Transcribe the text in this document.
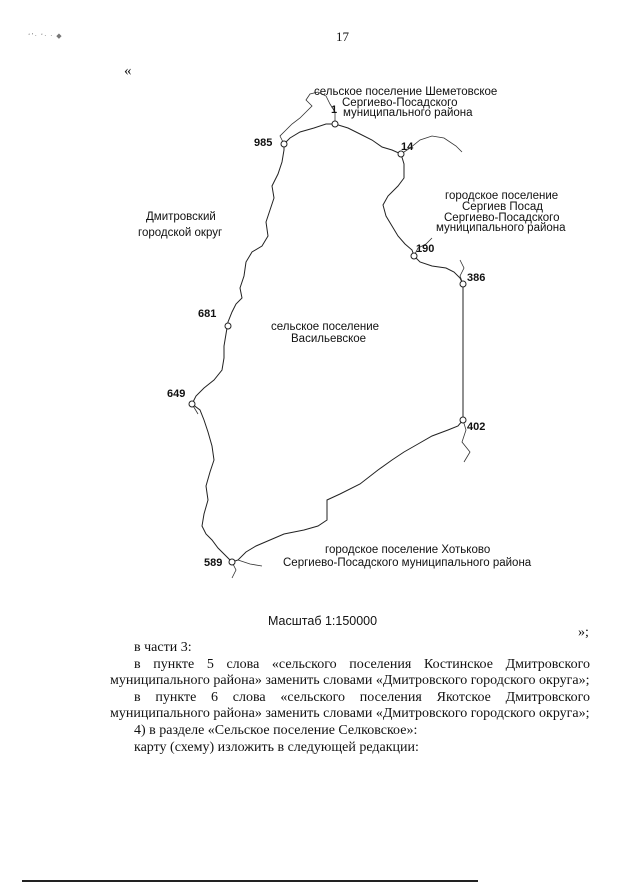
‘’· ‘· · ◆	17
«
1
985	14
190
386
681
649
402
589
сельское поселение Шеметовское
Сергиево-Посадского
муниципального района
Дмитровский
городской округ
городское поселение
Сергиев Посад
Сергиево-Посадского
муниципального района
сельское поселение
Васильевское
городское поселение Хотьково
Сергиево-Посадского муниципального района
Масштаб 1:150000
»;

в части 3:

в пункте 5 слова «сельского поселения Костинское Дмитровского муниципального района» заменить словами «Дмитровского городского округа»;

в пункте 6 слова «сельского поселения Якотское Дмитровского муниципального района» заменить словами «Дмитровского городского округа»;

4) в разделе «Сельское поселение Селковское»:

карту (схему) изложить в следующей редакции:
